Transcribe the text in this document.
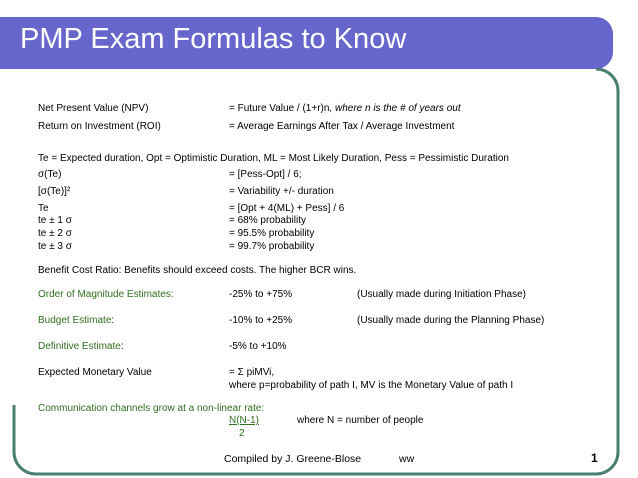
PMP Exam Formulas to Know
Net Present Value (NPV)	= Future Value / (1+r)n, where n is the # of years out
Return on Investment (ROI)	= Average Earnings After Tax / Average Investment
Te = Expected duration, Opt = Optimistic Duration, ML = Most Likely Duration, Pess = Pessimistic Duration
σ(Te)	= [Pess-Opt] / 6;
[σ(Te)]²	= Variability +/- duration
Te	= [Opt + 4(ML) + Pess] / 6
te ± 1 σ	= 68% probability
te ± 2 σ	= 95.5% probability
te ± 3 σ	= 99.7% probability
Benefit Cost Ratio: Benefits should exceed costs. The higher BCR wins.
Order of Magnitude Estimates:	-25% to +75%	(Usually made during Initiation Phase)
Budget Estimate:	-10% to +25%	(Usually made during the Planning Phase)
Definitive Estimate:	-5% to +10%
Expected Monetary Value	= Σ piMVi,
where p=probability of path I, MV is the Monetary Value of path I
Communication channels grow at a non-linear rate:
N(N-1)
2
where N = number of people
Compiled by J. Greene-Blose	ww	1
